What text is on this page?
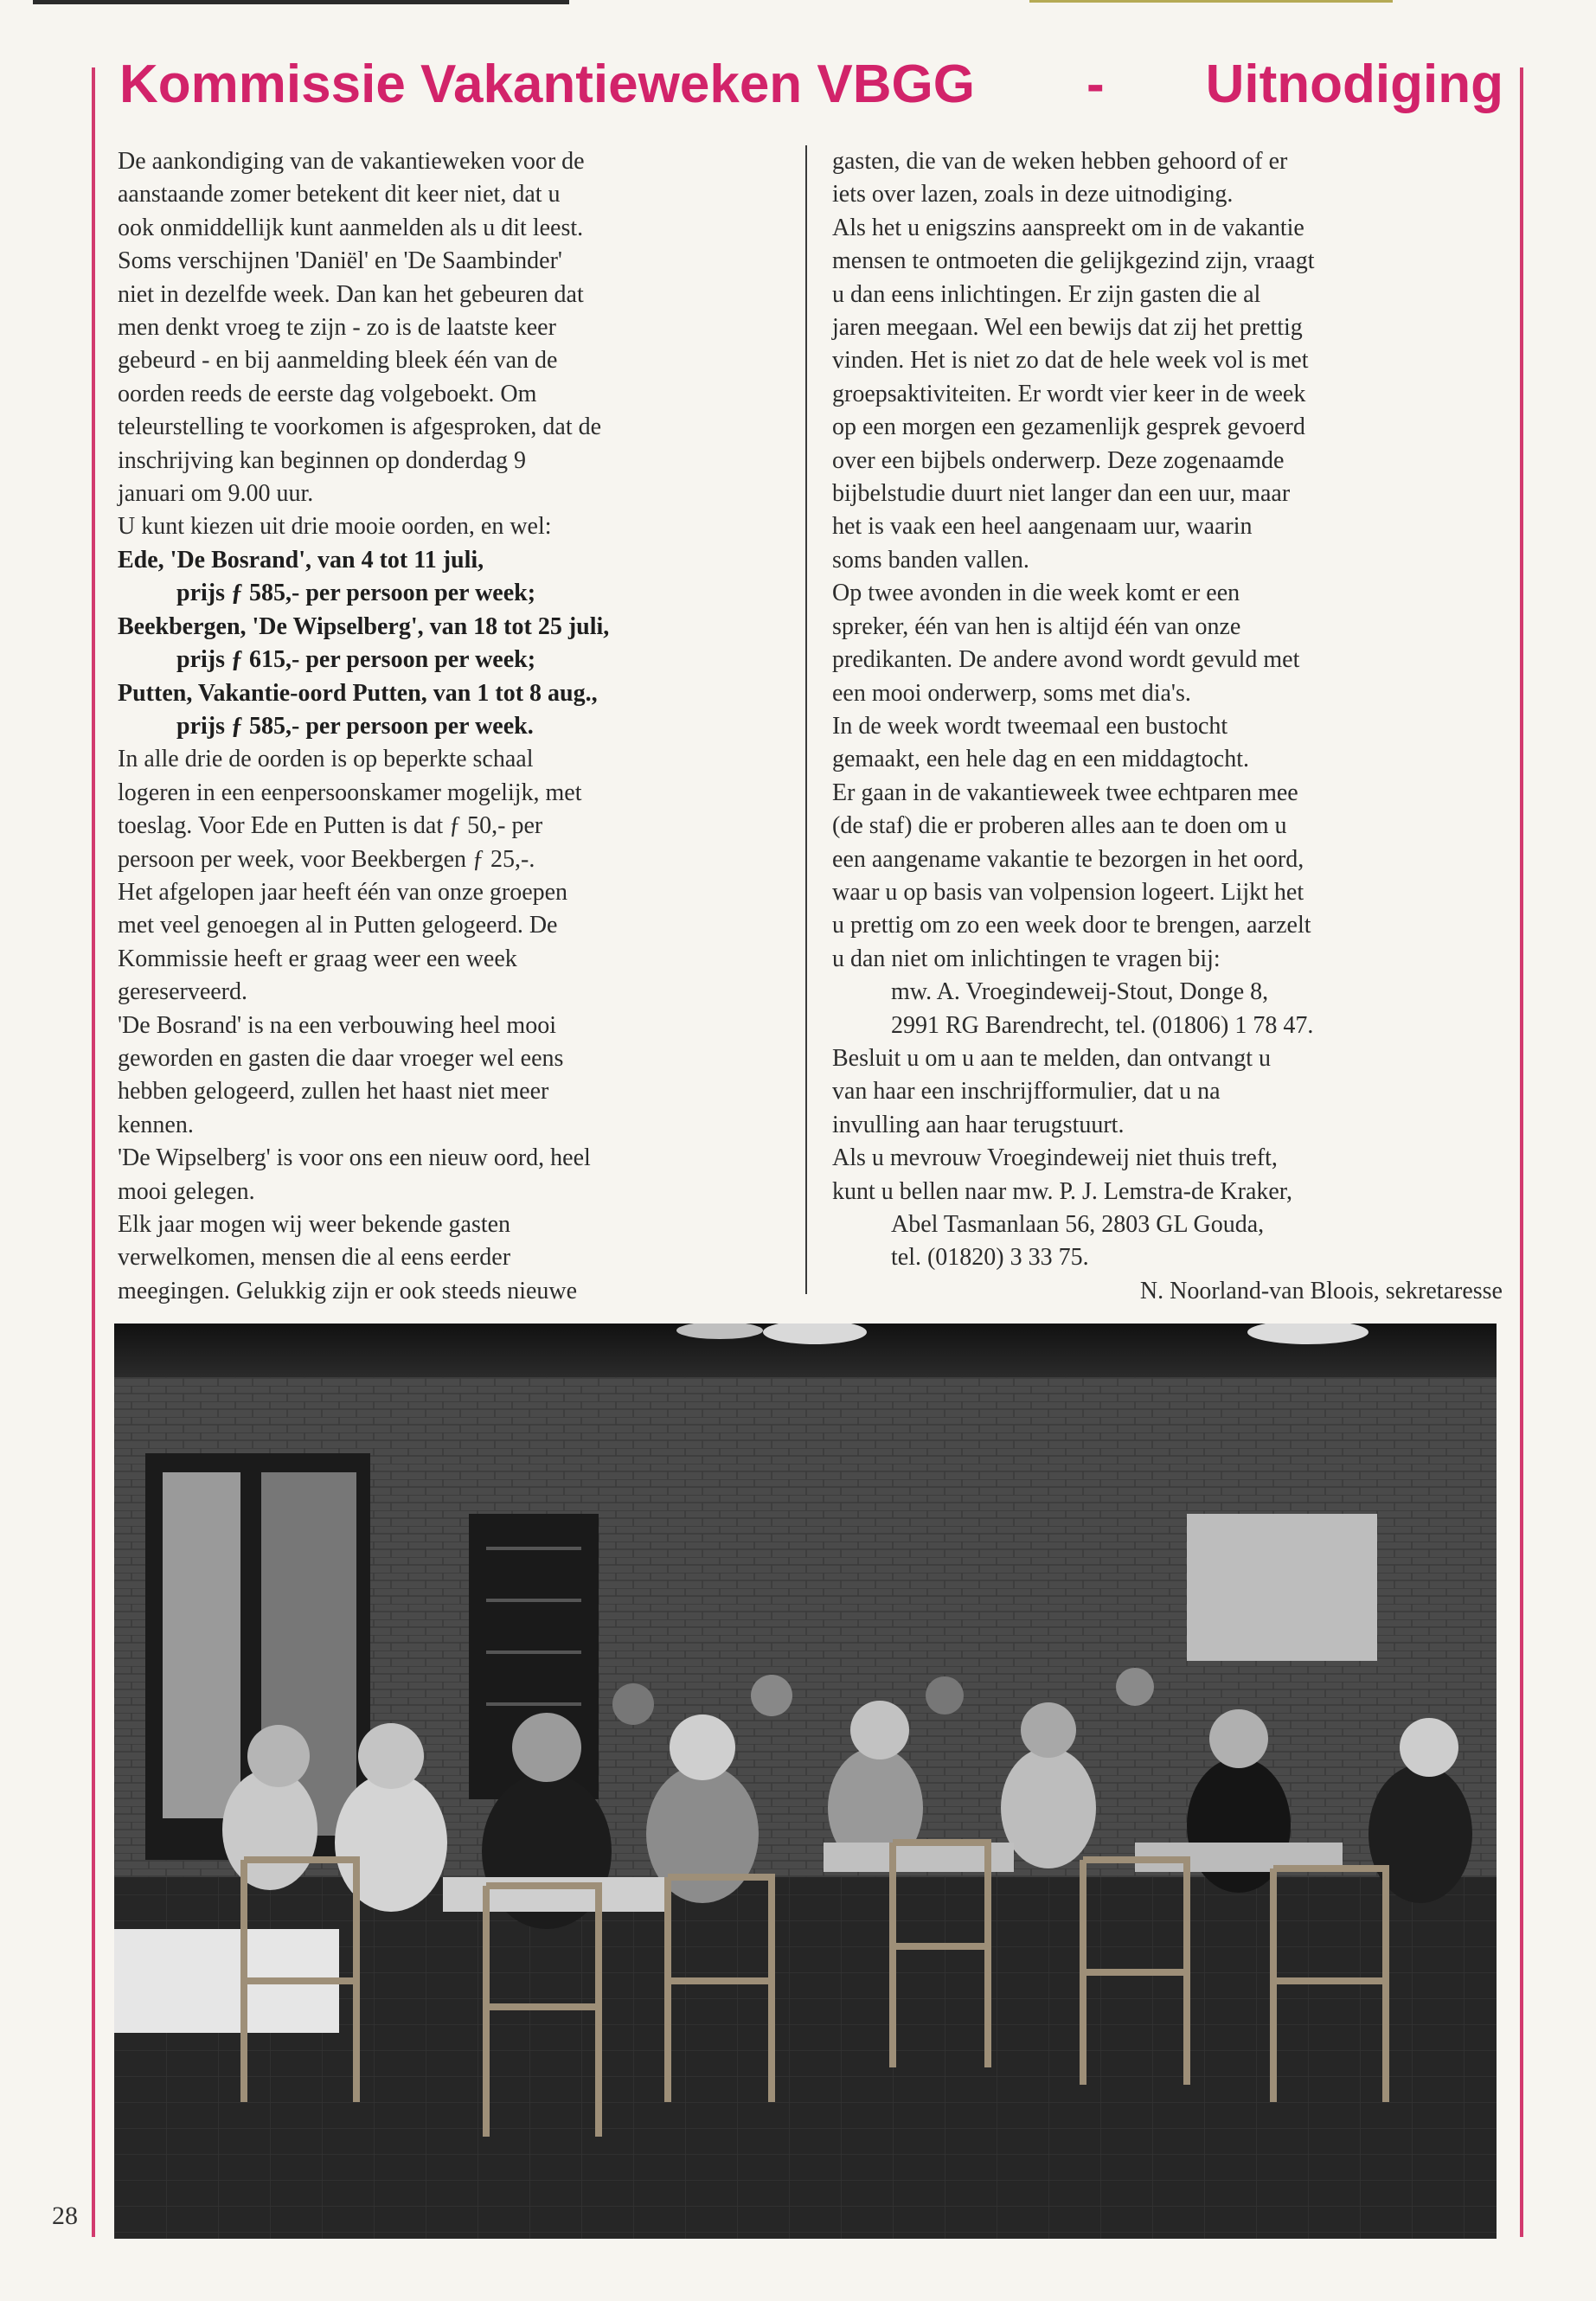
Kommissie Vakantieweken VBGG - Uitnodiging

De aankondiging van de vakantieweken voor de

aanstaande zomer betekent dit keer niet, dat u

ook onmiddellijk kunt aanmelden als u dit leest.

Soms verschijnen 'Daniël' en 'De Saambinder'

niet in dezelfde week. Dan kan het gebeuren dat

men denkt vroeg te zijn - zo is de laatste keer

gebeurd - en bij aanmelding bleek één van de

oorden reeds de eerste dag volgeboekt. Om

teleurstelling te voorkomen is afgesproken, dat de

inschrijving kan beginnen op donderdag 9

januari om 9.00 uur.

U kunt kiezen uit drie mooie oorden, en wel:

Ede, 'De Bosrand', van 4 tot 11 juli,

prijs ƒ 585,- per persoon per week;

Beekbergen, 'De Wipselberg', van 18 tot 25 juli,

prijs ƒ 615,- per persoon per week;

Putten, Vakantie-oord Putten, van 1 tot 8 aug.,

prijs ƒ 585,- per persoon per week.

In alle drie de oorden is op beperkte schaal

logeren in een eenpersoonskamer mogelijk, met

toeslag. Voor Ede en Putten is dat ƒ 50,- per

persoon per week, voor Beekbergen ƒ 25,-.

Het afgelopen jaar heeft één van onze groepen

met veel genoegen al in Putten gelogeerd. De

Kommissie heeft er graag weer een week

gereserveerd.

'De Bosrand' is na een verbouwing heel mooi

geworden en gasten die daar vroeger wel eens

hebben gelogeerd, zullen het haast niet meer

kennen.

'De Wipselberg' is voor ons een nieuw oord, heel

mooi gelegen.

Elk jaar mogen wij weer bekende gasten

verwelkomen, mensen die al eens eerder

meegingen. Gelukkig zijn er ook steeds nieuwe

gasten, die van de weken hebben gehoord of er

iets over lazen, zoals in deze uitnodiging.

Als het u enigszins aanspreekt om in de vakantie

mensen te ontmoeten die gelijkgezind zijn, vraagt

u dan eens inlichtingen. Er zijn gasten die al

jaren meegaan. Wel een bewijs dat zij het prettig

vinden. Het is niet zo dat de hele week vol is met

groepsaktiviteiten. Er wordt vier keer in de week

op een morgen een gezamenlijk gesprek gevoerd

over een bijbels onderwerp. Deze zogenaamde

bijbelstudie duurt niet langer dan een uur, maar

het is vaak een heel aangenaam uur, waarin

soms banden vallen.

Op twee avonden in die week komt er een

spreker, één van hen is altijd één van onze

predikanten. De andere avond wordt gevuld met

een mooi onderwerp, soms met dia's.

In de week wordt tweemaal een bustocht

gemaakt, een hele dag en een middagtocht.

Er gaan in de vakantieweek twee echtparen mee

(de staf) die er proberen alles aan te doen om u

een aangename vakantie te bezorgen in het oord,

waar u op basis van volpension logeert. Lijkt het

u prettig om zo een week door te brengen, aarzelt

u dan niet om inlichtingen te vragen bij:

mw. A. Vroegindeweij-Stout, Donge 8,

2991 RG Barendrecht, tel. (01806) 1 78 47.

Besluit u om u aan te melden, dan ontvangt u

van haar een inschrijfformulier, dat u na

invulling aan haar terugstuurt.

Als u mevrouw Vroegindeweij niet thuis treft,

kunt u bellen naar mw. P. J. Lemstra-de Kraker,

Abel Tasmanlaan 56, 2803 GL Gouda,

tel. (01820) 3 33 75.

N. Noorland-van Bloois, sekretaresse

28
